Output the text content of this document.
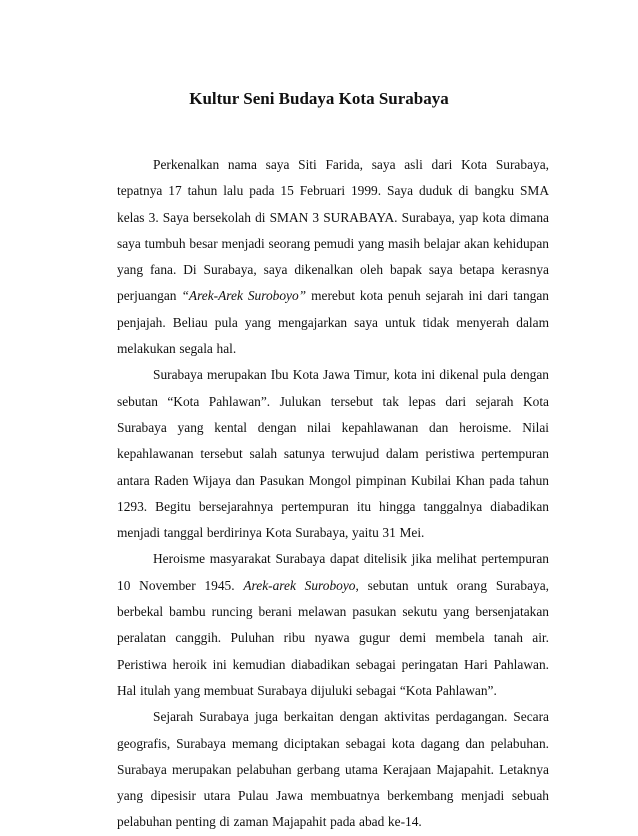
Kultur Seni Budaya Kota Surabaya

Perkenalkan nama saya Siti Farida, saya asli dari Kota Surabaya, tepatnya 17 tahun lalu pada 15 Februari 1999. Saya duduk di bangku SMA kelas 3. Saya bersekolah di SMAN 3 SURABAYA. Surabaya, yap kota dimana saya tumbuh besar menjadi seorang pemudi yang masih belajar akan kehidupan yang fana. Di Surabaya, saya dikenalkan oleh bapak saya betapa kerasnya perjuangan “Arek-Arek Suroboyo” merebut kota penuh sejarah ini dari tangan penjajah. Beliau pula yang mengajarkan saya untuk tidak menyerah dalam melakukan segala hal.

Surabaya merupakan Ibu Kota Jawa Timur, kota ini dikenal pula dengan sebutan “Kota Pahlawan”. Julukan tersebut tak lepas dari sejarah Kota Surabaya yang kental dengan nilai kepahlawanan dan heroisme. Nilai kepahlawanan tersebut salah satunya terwujud dalam peristiwa pertempuran antara Raden Wijaya dan Pasukan Mongol pimpinan Kubilai Khan pada tahun 1293. Begitu bersejarahnya pertempuran itu hingga tanggalnya diabadikan menjadi tanggal berdirinya Kota Surabaya, yaitu 31 Mei.

Heroisme masyarakat Surabaya dapat ditelisik jika melihat pertempuran 10 November 1945. Arek-arek Suroboyo, sebutan untuk orang Surabaya, berbekal bambu runcing berani melawan pasukan sekutu yang bersenjatakan peralatan canggih. Puluhan ribu nyawa gugur demi membela tanah air. Peristiwa heroik ini kemudian diabadikan sebagai peringatan Hari Pahlawan. Hal itulah yang membuat Surabaya dijuluki sebagai “Kota Pahlawan”.

Sejarah Surabaya juga berkaitan dengan aktivitas perdagangan. Secara geografis, Surabaya memang diciptakan sebagai kota dagang dan pelabuhan. Surabaya merupakan pelabuhan gerbang utama Kerajaan Majapahit. Letaknya yang dipesisir utara Pulau Jawa membuatnya berkembang menjadi sebuah pelabuhan penting di zaman Majapahit pada abad ke-14.
